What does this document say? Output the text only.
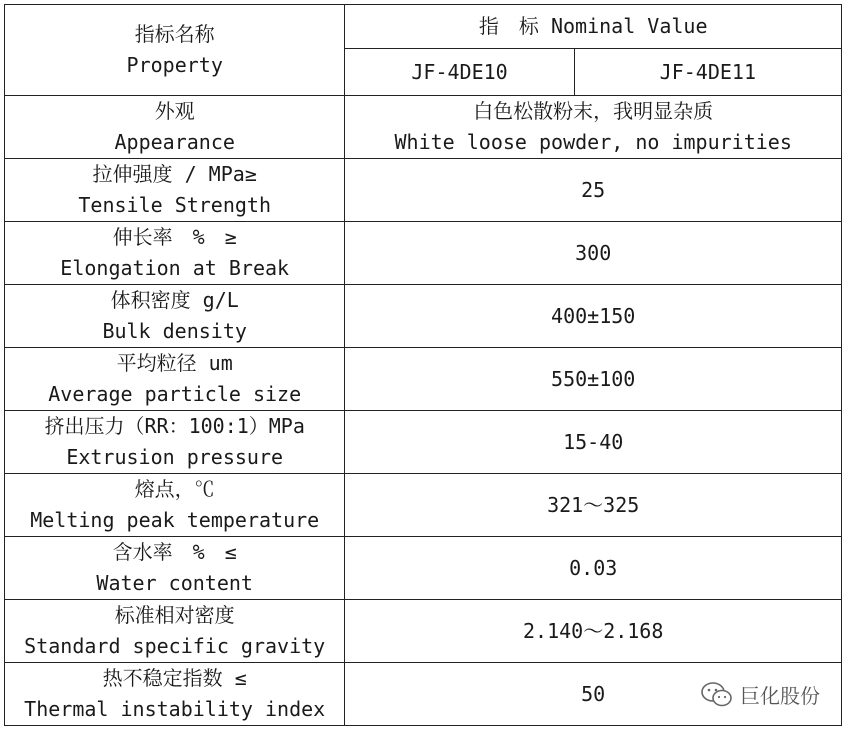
指标名称
Property	指　标 Nominal Value	
	JF-4DE10	JF-4DE11

外观
Appearance	白色松散粉末，我明显杂质
White loose powder, no impurities	

拉伸强度 / MPa≥
Tensile Strength	25	

伸长率　%　≥
Elongation at Break	300	

体积密度 g/L
Bulk density	400±150	

平均粒径 um
Average particle size	550±100	

挤出压力（RR：100:1）MPa
Extrusion pressure	15-40	

熔点，℃
Melting peak temperature	321～325	

含水率　%　≤
Water content	0.03	

标准相对密度
Standard specific gravity	2.140～2.168	

热不稳定指数 ≤
Thermal instability index	50		巨化股份
